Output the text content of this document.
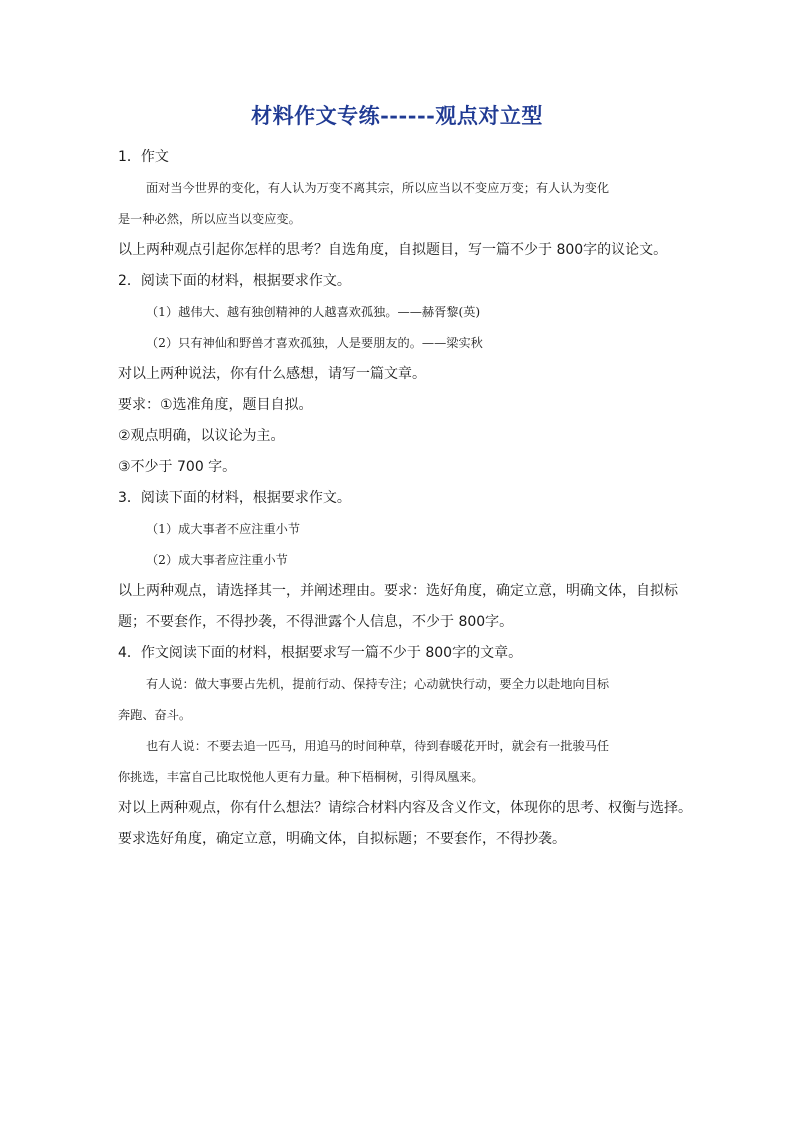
材料作文专练------观点对立型
1．作文
面对当今世界的变化，有人认为万变不离其宗，所以应当以不变应万变；有人认为变化
是一种必然，所以应当以变应变。
以上两种观点引起你怎样的思考？自选角度，自拟题目，写一篇不少于 800字的议论文。
2．阅读下面的材料，根据要求作文。
（1）越伟大、越有独创精神的人越喜欢孤独。——赫胥黎(英)
（2）只有神仙和野兽才喜欢孤独，人是要朋友的。——梁实秋
对以上两种说法，你有什么感想，请写一篇文章。
要求：①选准角度，题目自拟。
②观点明确，以议论为主。
③不少于 700 字。
3．阅读下面的材料，根据要求作文。
（1）成大事者不应注重小节
（2）成大事者应注重小节
以上两种观点，请选择其一，并阐述理由。要求：选好角度，确定立意，明确文体，自拟标
题；不要套作，不得抄袭，不得泄露个人信息，不少于 800字。
4．作文阅读下面的材料，根据要求写一篇不少于 800字的文章。
有人说：做大事要占先机，提前行动、保持专注；心动就快行动，要全力以赴地向目标
奔跑、奋斗。
也有人说：不要去追一匹马，用追马的时间种草，待到春暖花开时，就会有一批骏马任
你挑选，丰富自己比取悦他人更有力量。种下梧桐树，引得凤凰来。
对以上两种观点，你有什么想法？请综合材料内容及含义作文，体现你的思考、权衡与选择。
要求选好角度，确定立意，明确文体，自拟标题；不要套作，不得抄袭。
